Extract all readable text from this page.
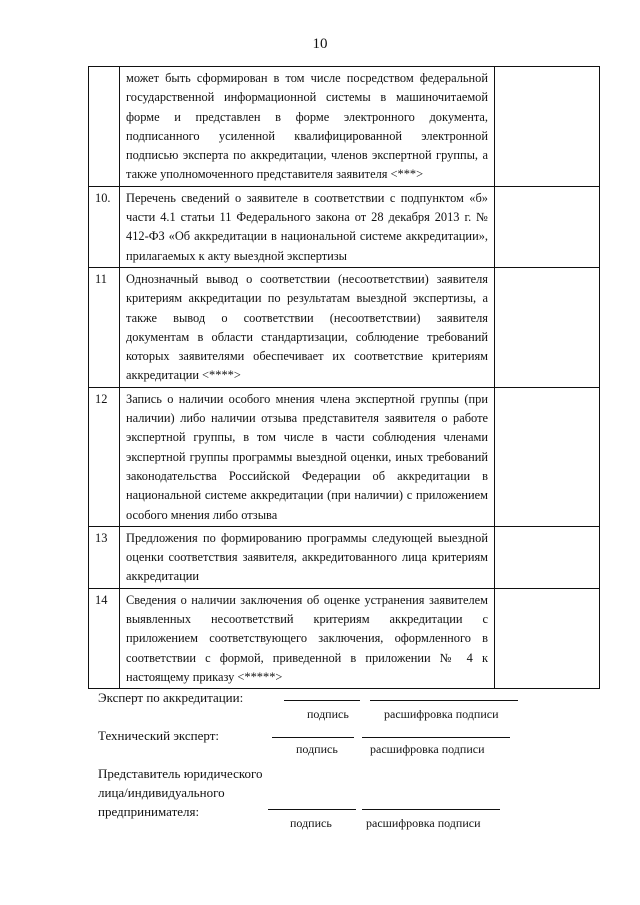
10
	может быть сформирован в том числе посредством федеральной государственной информационной системы в машиночитаемой форме и представлен в форме электронного документа, подписанного усиленной квалифицированной электронной подписью эксперта по аккредитации, членов экспертной группы, а также уполномоченного представителя заявителя <***>	
10.	Перечень сведений о заявителе в соответствии с подпунктом «б» части 4.1 статьи 11 Федерального закона от 28 декабря 2013 г. № 412-ФЗ «Об аккредитации в национальной системе аккредитации», прилагаемых к акту выездной экспертизы	
11	Однозначный вывод о соответствии (несоответствии) заявителя критериям аккредитации по результатам выездной экспертизы, а также вывод о соответствии (несоответствии) заявителя документам в области стандартизации, соблюдение требований которых заявителями обеспечивает их соответствие критериям аккредитации <****>	
12	Запись о наличии особого мнения члена экспертной группы (при наличии) либо наличии отзыва представителя заявителя о работе экспертной группы, в том числе в части соблюдения членами экспертной группы программы выездной оценки, иных требований законодательства Российской Федерации об аккредитации в национальной системе аккредитации (при наличии) с приложением особого мнения либо отзыва	
13	Предложения по формированию программы следующей выездной оценки соответствия заявителя, аккредитованного лица критериям аккредитации	
14	Сведения о наличии заключения об оценке устранения заявителем выявленных несоответствий критериям аккредитации с приложением соответствующего заключения, оформленного в соответствии с формой, приведенной в приложении № 4 к настоящему приказу <*****>	
Эксперт по аккредитации:
подпись	расшифровка подписи
Технический эксперт:
подпись	расшифровка подписи
Представитель юридического
лица/индивидуального
предпринимателя:
подпись	расшифровка подписи
